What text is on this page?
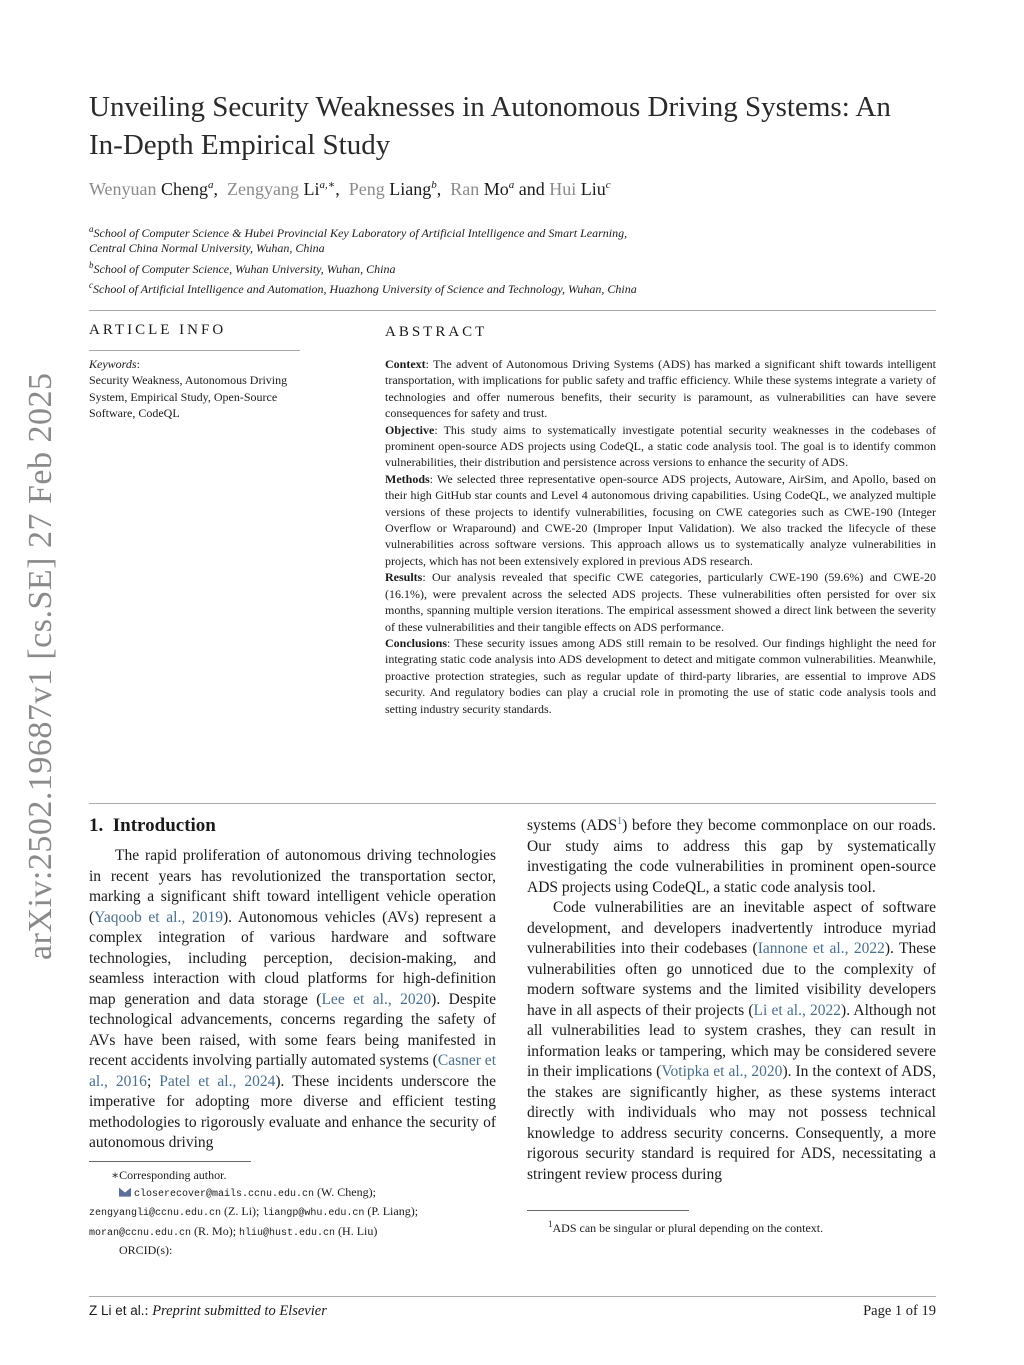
arXiv:2502.19687v1 [cs.SE] 27 Feb 2025
Unveiling Security Weaknesses in Autonomous Driving Systems: An
In-Depth Empirical Study
Wenyuan Cheng$^a$,  Zengyang $Li^{a,∗}$,  Peng Liang$^b$,  Ran Mo$^a$ and Hui Liu$^c$
$^a$School of Computer Science & Hubei Provincial Key Laboratory of Artificial Intelligence and Smart Learning,
Central China Normal University, Wuhan, China
$^b$School of Computer Science, Wuhan University, Wuhan, China
$^c$School of Artificial Intelligence and Automation, Huazhong University of Science and Technology, Wuhan, China
ARTICLE INFO
Keywords:
Security Weakness, Autonomous Driving System, Empirical Study, Open-Source Software, CodeQL
ABSTRACT

Context: The advent of Autonomous Driving Systems (ADS) has marked a significant shift towards intelligent transportation, with implications for public safety and traffic efficiency. While these systems integrate a variety of technologies and offer numerous benefits, their security is paramount, as vulnerabilities can have severe consequences for safety and trust.

Objective: This study aims to systematically investigate potential security weaknesses in the codebases of prominent open-source ADS projects using CodeQL, a static code analysis tool. The goal is to identify common vulnerabilities, their distribution and persistence across versions to enhance the security of ADS.

Methods: We selected three representative open-source ADS projects, Autoware, AirSim, and Apollo, based on their high GitHub star counts and Level 4 autonomous driving capabilities. Using CodeQL, we analyzed multiple versions of these projects to identify vulnerabilities, focusing on CWE categories such as CWE-190 (Integer Overflow or Wraparound) and CWE-20 (Improper Input Validation). We also tracked the lifecycle of these vulnerabilities across software versions. This approach allows us to systematically analyze vulnerabilities in projects, which has not been extensively explored in previous ADS research.

Results: Our analysis revealed that specific CWE categories, particularly CWE-190 (59.6%) and CWE-20 (16.1%), were prevalent across the selected ADS projects. These vulnerabilities often persisted for over six months, spanning multiple version iterations. The empirical assessment showed a direct link between the severity of these vulnerabilities and their tangible effects on ADS performance.

Conclusions: These security issues among ADS still remain to be resolved. Our findings highlight the need for integrating static code analysis into ADS development to detect and mitigate common vulnerabilities. Meanwhile, proactive protection strategies, such as regular update of third-party libraries, are essential to improve ADS security. And regulatory bodies can play a crucial role in promoting the use of static code analysis tools and setting industry security standards.

1. Introduction

The rapid proliferation of autonomous driving technologies in recent years has revolutionized the transportation sector, marking a significant shift toward intelligent vehicle operation (Yaqoob et al., 2019). Autonomous vehicles (AVs) represent a complex integration of various hardware and software technologies, including perception, decision-making, and seamless interaction with cloud platforms for high-definition map generation and data storage (Lee et al., 2020). Despite technological advancements, concerns regarding the safety of AVs have been raised, with some fears being manifested in recent accidents involving partially automated systems (Casner et al., 2016; Patel et al., 2024). These incidents underscore the imperative for adopting more diverse and efficient testing methodologies to rigorously evaluate and enhance the security of autonomous driving

∗Corresponding author.
closerecover@mails.ccnu.edu.cn (W. Cheng);
zengyangli@ccnu.edu.cn (Z. Li); liangp@whu.edu.cn (P. Liang);
moran@ccnu.edu.cn (R. Mo); hliu@hust.edu.cn (H. Liu)
ORCID(s):

systems (ADS$^1$) before they become commonplace on our roads. Our study aims to address this gap by systematically investigating the code vulnerabilities in prominent open-source ADS projects using CodeQL, a static code analysis tool.

Code vulnerabilities are an inevitable aspect of software development, and developers inadvertently introduce myriad vulnerabilities into their codebases (Iannone et al., 2022). These vulnerabilities often go unnoticed due to the complexity of modern software systems and the limited visibility developers have in all aspects of their projects (Li et al., 2022). Although not all vulnerabilities lead to system crashes, they can result in information leaks or tampering, which may be considered severe in their implications (Votipka et al., 2020). In the context of ADS, the stakes are significantly higher, as these systems interact directly with individuals who may not possess technical knowledge to address security concerns. Consequently, a more rigorous security standard is required for ADS, necessitating a stringent review process during

$^1$ADS can be singular or plural depending on the context.
Z Li et al.: Preprint submitted to Elsevier	Page 1 of 19
